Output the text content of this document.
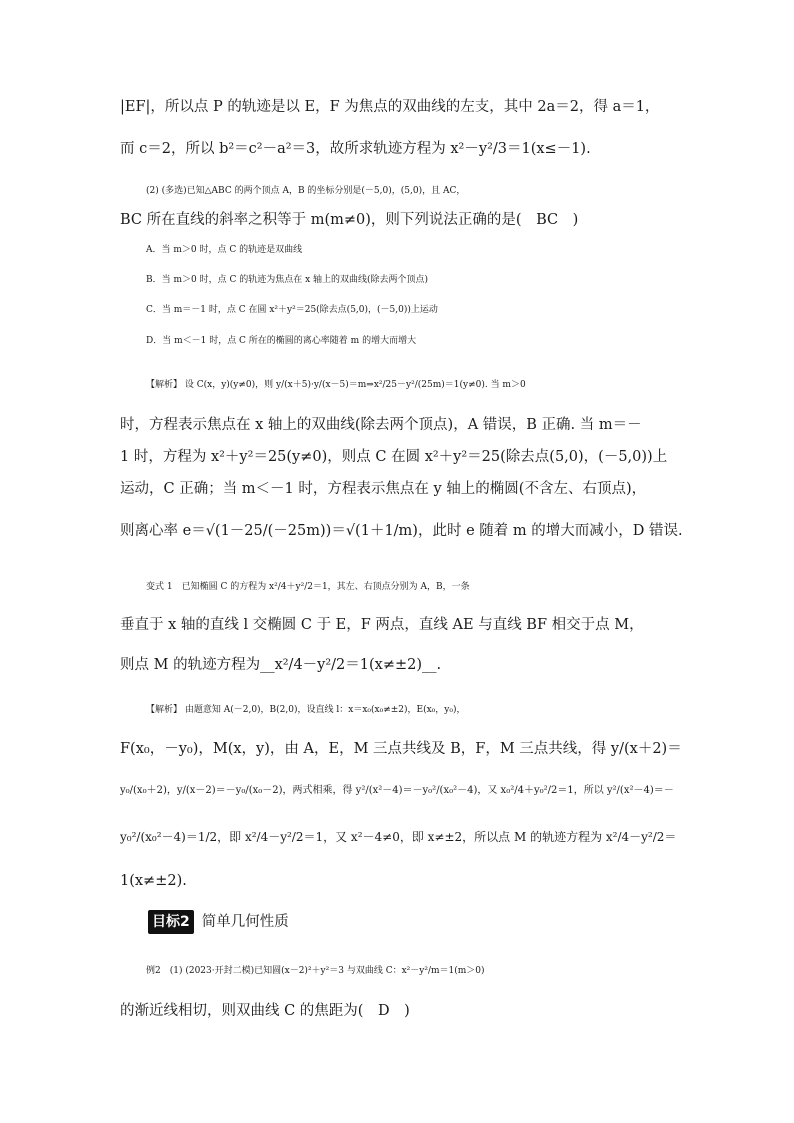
|EF|，所以点 P 的轨迹是以 E，F 为焦点的双曲线的左支，其中 2a＝2，得 a＝1，
而 c＝2，所以 b²＝c²－a²＝3，故所求轨迹方程为 x²－y²/3＝1(x≤－1).
(2) (多选)已知△ABC 的两个顶点 A，B 的坐标分别是(－5,0)，(5,0)，且 AC，
BC 所在直线的斜率之积等于 m(m≠0)，则下列说法正确的是(　BC　)
A．当 m＞0 时，点 C 的轨迹是双曲线
B．当 m＞0 时，点 C 的轨迹为焦点在 x 轴上的双曲线(除去两个顶点)
C．当 m＝－1 时，点 C 在圆 x²＋y²＝25(除去点(5,0)，(－5,0))上运动
D．当 m＜－1 时，点 C 所在的椭圆的离心率随着 m 的增大而增大
【解析】 设 C(x，y)(y≠0)，则 y/(x＋5)·y/(x－5)＝m⇒x²/25－y²/(25m)＝1(y≠0). 当 m＞0
时，方程表示焦点在 x 轴上的双曲线(除去两个顶点)，A 错误，B 正确. 当 m＝－
1 时，方程为 x²＋y²＝25(y≠0)，则点 C 在圆 x²＋y²＝25(除去点(5,0)，(－5,0))上
运动，C 正确；当 m＜－1 时，方程表示焦点在 y 轴上的椭圆(不含左、右顶点)，
则离心率 e＝√(1－25/(－25m))＝√(1＋1/m)，此时 e 随着 m 的增大而减小，D 错误.
变式 1　已知椭圆 C 的方程为 x²/4＋y²/2＝1，其左、右顶点分别为 A，B，一条
垂直于 x 轴的直线 l 交椭圆 C 于 E，F 两点，直线 AE 与直线 BF 相交于点 M，
则点 M 的轨迹方程为__x²/4－y²/2＝1(x≠±2)__.
【解析】 由题意知 A(－2,0)，B(2,0)，设直线 l：x＝x₀(x₀≠±2)，E(x₀，y₀)，
F(x₀，－y₀)，M(x，y)，由 A，E，M 三点共线及 B，F，M 三点共线，得 y/(x＋2)＝
y₀/(x₀＋2)，y/(x－2)＝－y₀/(x₀－2)，两式相乘，得 y²/(x²－4)＝－y₀²/(x₀²－4)，又 x₀²/4＋y₀²/2＝1，所以 y²/(x²－4)＝－
y₀²/(x₀²－4)＝1/2，即 x²/4－y²/2＝1，又 x²－4≠0，即 x≠±2，所以点 M 的轨迹方程为 x²/4－y²/2＝
1(x≠±2).
目标2 简单几何性质
例2　(1) (2023·开封二模)已知圆(x－2)²＋y²＝3 与双曲线 C：x²－y²/m＝1(m＞0)
的渐近线相切，则双曲线 C 的焦距为(　D　)
